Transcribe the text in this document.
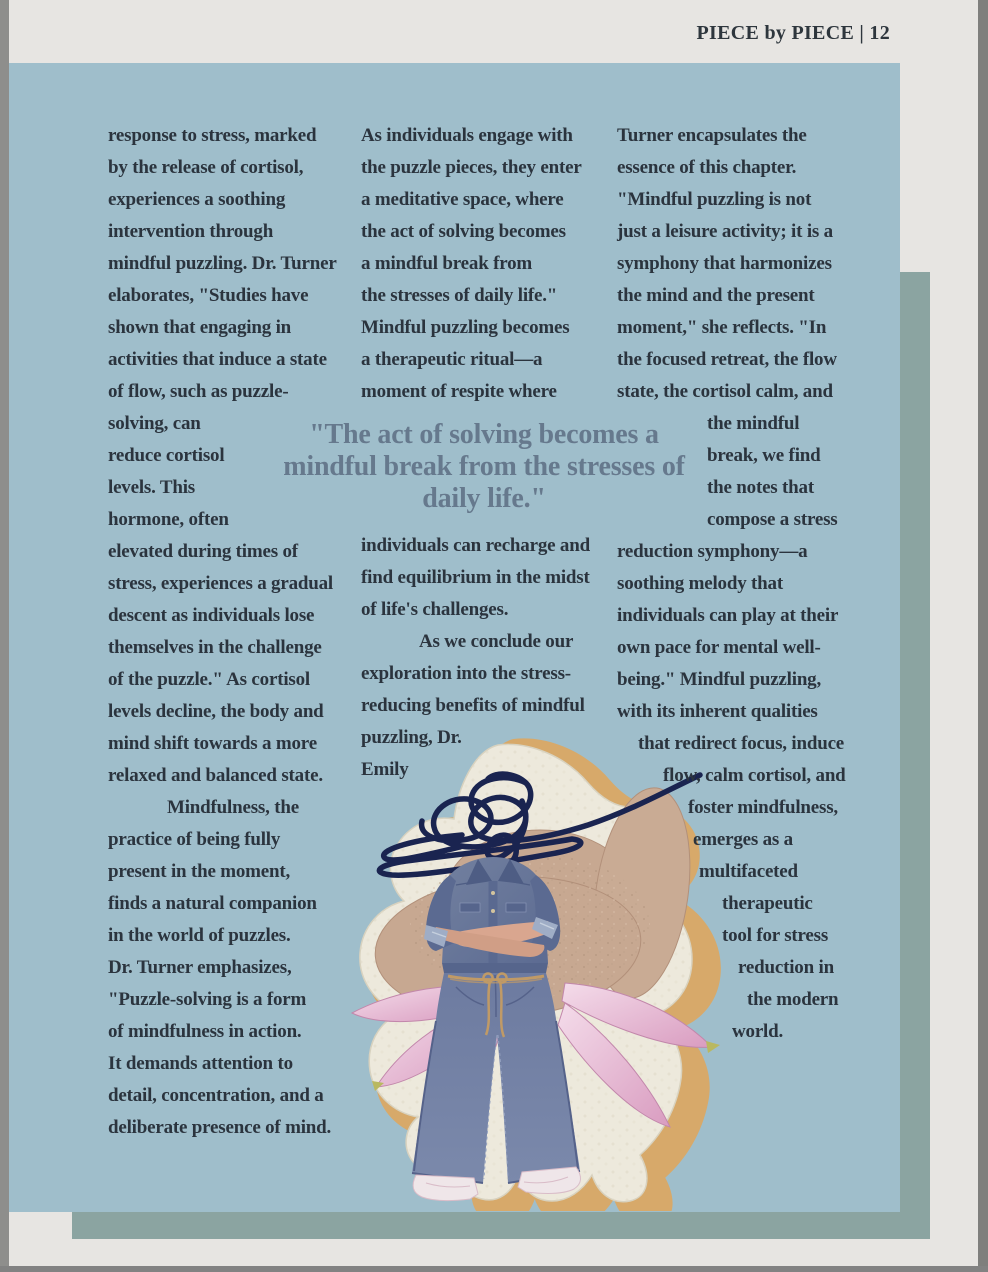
PIECE by PIECE | 12
response to stress, marked
by the release of cortisol,
experiences a soothing
intervention through
mindful puzzling. Dr. Turner
elaborates, "Studies have
shown that engaging in
activities that induce a state
of flow, such as puzzle-
solving, can
reduce cortisol
levels. This
hormone, often
elevated during times of
stress, experiences a gradual
descent as individuals lose
themselves in the challenge
of the puzzle." As cortisol
levels decline, the body and
mind shift towards a more
relaxed and balanced state.
Mindfulness, the
practice of being fully
present in the moment,
finds a natural companion
in the world of puzzles.
Dr. Turner emphasizes,
"Puzzle-solving is a form
of mindfulness in action.
It demands attention to
detail, concentration, and a
deliberate presence of mind.
As individuals engage with
the puzzle pieces, they enter
a meditative space, where
the act of solving becomes
a mindful break from
the stresses of daily life."
Mindful puzzling becomes
a therapeutic ritual—a
moment of respite where
individuals can recharge and
find equilibrium in the midst
of life's challenges.
As we conclude our
exploration into the stress-
reducing benefits of mindful
puzzling, Dr.
Emily
Turner encapsulates the
essence of this chapter.
"Mindful puzzling is not
just a leisure activity; it is a
symphony that harmonizes
the mind and the present
moment," she reflects. "In
the focused retreat, the flow
state, the cortisol calm, and
the mindful
break, we find
the notes that
compose a stress
reduction symphony—a
soothing melody that
individuals can play at their
own pace for mental well-
being." Mindful puzzling,
with its inherent qualities
that redirect focus, induce
flow, calm cortisol, and
foster mindfulness,
emerges as a
multifaceted
therapeutic
tool for stress
reduction in
the modern
world.
"The act of solving becomes a
mindful break from the stresses of
daily life."
